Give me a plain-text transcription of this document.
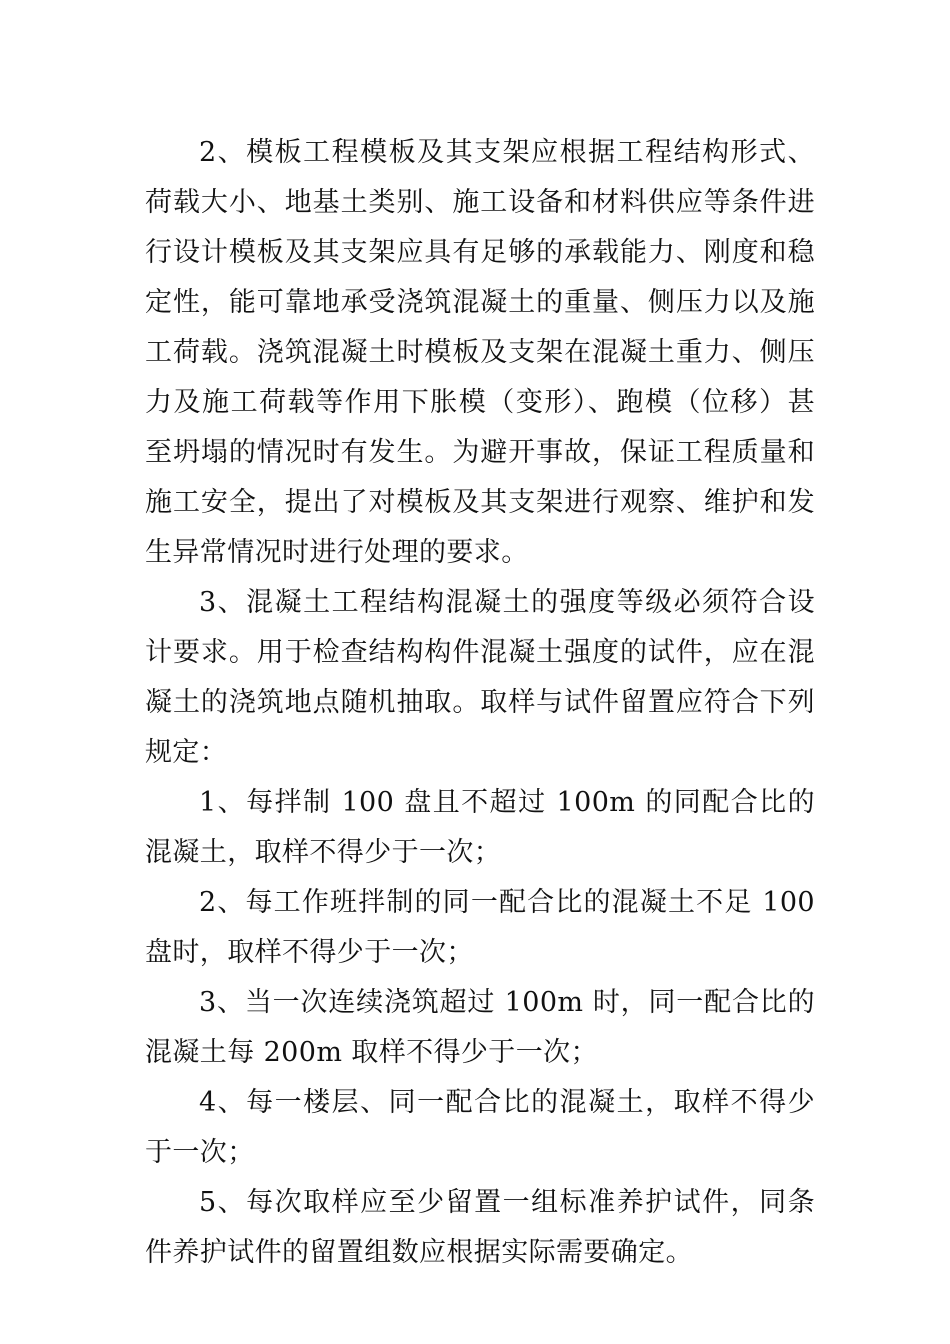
2、模板工程模板及其支架应根据工程结构形式、荷载大小、地基土类别、施工设备和材料供应等条件进行设计模板及其支架应具有足够的承载能力、刚度和稳定性，能可靠地承受浇筑混凝土的重量、侧压力以及施工荷载。浇筑混凝土时模板及支架在混凝土重力、侧压力及施工荷载等作用下胀模（变形）、跑模（位移）甚至坍塌的情况时有发生。为避开事故，保证工程质量和施工安全，提出了对模板及其支架进行观察、维护和发生异常情况时进行处理的要求。

3、混凝土工程结构混凝土的强度等级必须符合设计要求。用于检查结构构件混凝土强度的试件，应在混凝土的浇筑地点随机抽取。取样与试件留置应符合下列规定：

1、每拌制 100 盘且不超过 100m 的同配合比的混凝土，取样不得少于一次；

2、每工作班拌制的同一配合比的混凝土不足 100 盘时，取样不得少于一次；

3、当一次连续浇筑超过 100m 时，同一配合比的混凝土每 200m 取样不得少于一次；

4、每一楼层、同一配合比的混凝土，取样不得少于一次；

5、每次取样应至少留置一组标准养护试件，同条件养护试件的留置组数应根据实际需要确定。
